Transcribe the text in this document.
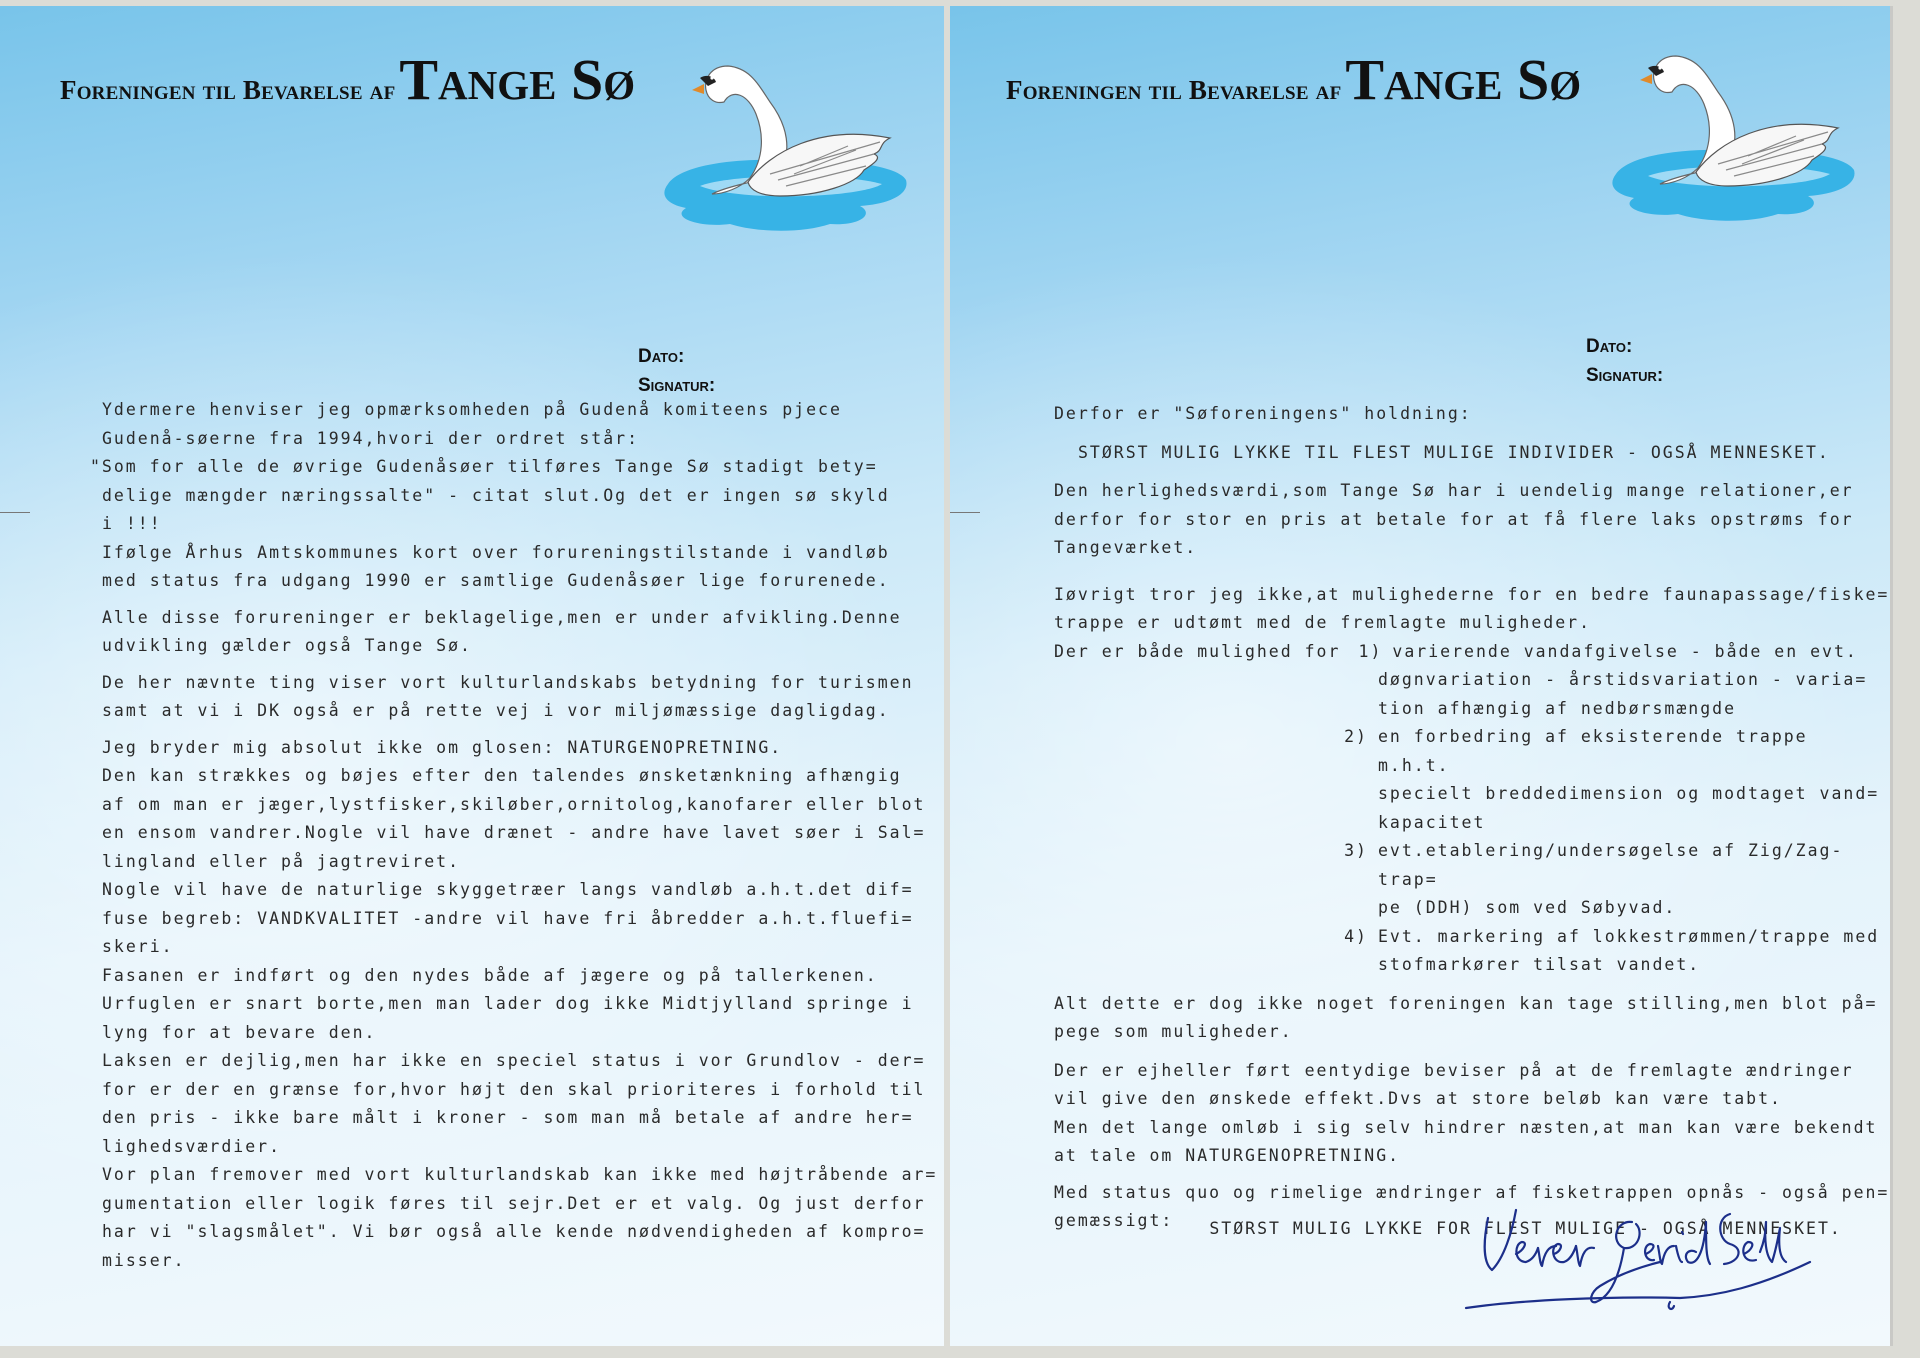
Foreningen til Bevarelse afTange Sø
Dato:
Signatur:

Ydermere henviser jeg opmærksomheden på Gudenå komiteens pjece

Gudenå-søerne fra 1994,hvori der ordret står:

"Som for alle de øvrige Gudenåsøer tilføres Tange Sø stadigt bety=

delige mængder næringssalte" - citat slut.Og det er ingen sø skyld

i !!!

Ifølge Århus Amtskommunes kort over forureningstilstande i vandløb

med status fra udgang 1990 er samtlige Gudenåsøer lige forurenede.

Alle disse forureninger er beklagelige,men er under afvikling.Denne

udvikling gælder også Tange Sø.

De her nævnte ting viser vort kulturlandskabs betydning for turismen

samt at vi i DK også er på rette vej i vor miljømæssige dagligdag.

Jeg bryder mig absolut ikke om glosen: NATURGENOPRETNING.

Den kan strækkes og bøjes efter den talendes ønsketænkning afhængig

af om man er jæger,lystfisker,skiløber,ornitolog,kanofarer eller blot

en ensom vandrer.Nogle vil have drænet - andre have lavet søer i Sal=

lingland eller på jagtreviret.

Nogle vil have de naturlige skyggetræer langs vandløb a.h.t.det dif=

fuse begreb: VANDKVALITET -andre vil have fri åbredder a.h.t.fluefi=

skeri.

Fasanen er indført og den nydes både af jægere og på tallerkenen.

Urfuglen er snart borte,men man lader dog ikke Midtjylland springe i

lyng for at bevare den.

Laksen er dejlig,men har ikke en speciel status i vor Grundlov - der=

for er der en grænse for,hvor højt den skal prioriteres i forhold til

den pris - ikke bare målt i kroner - som man må betale af andre her=

lighedsværdier.

Vor plan fremover med vort kulturlandskab kan ikke med højtråbende ar=

gumentation eller logik føres til sejr.Det er et valg. Og just derfor

har vi "slagsmålet". Vi bør også alle kende nødvendigheden af kompro=

misser.

Foreningen til Bevarelse afTange Sø
Dato:
Signatur:

Derfor er "Søforeningens" holdning:

STØRST MULIG LYKKE TIL FLEST MULIGE INDIVIDER - OGSÅ MENNESKET.

Den herlighedsværdi,som Tange Sø har i uendelig mange relationer,er

derfor for stor en pris at betale for at få flere laks opstrøms for

Tangeværket.

Iøvrigt tror jeg ikke,at mulighederne for en bedre faunapassage/fiske=

trappe er udtømt med de fremlagte muligheder.

Der er både mulighed for	1) varierende vandafgivelse - både en evt.

døgnvariation - årstidsvariation - varia=

tion afhængig af nedbørsmængde

2) en forbedring af eksisterende trappe m.h.t.

specielt breddedimension og modtaget vand=

kapacitet

3) evt.etablering/undersøgelse af Zig/Zag-trap=

pe (DDH) som ved Søbyvad.

4) Evt. markering af lokkestrømmen/trappe med

stofmarkører tilsat vandet.

Alt dette er dog ikke noget foreningen kan tage stilling,men blot på=

pege som muligheder.

Der er ejheller ført eentydige beviser på at de fremlagte ændringer

vil give den ønskede effekt.Dvs at store beløb kan være tabt.

Men det lange omløb i sig selv hindrer næsten,at man kan være bekendt

at tale om NATURGENOPRETNING.

Med status quo og rimelige ændringer af fisketrappen opnås - også pen=

gemæssigt: STØRST MULIG LYKKE FOR FLEST MULIGE - OGSÅ MENNESKET.
